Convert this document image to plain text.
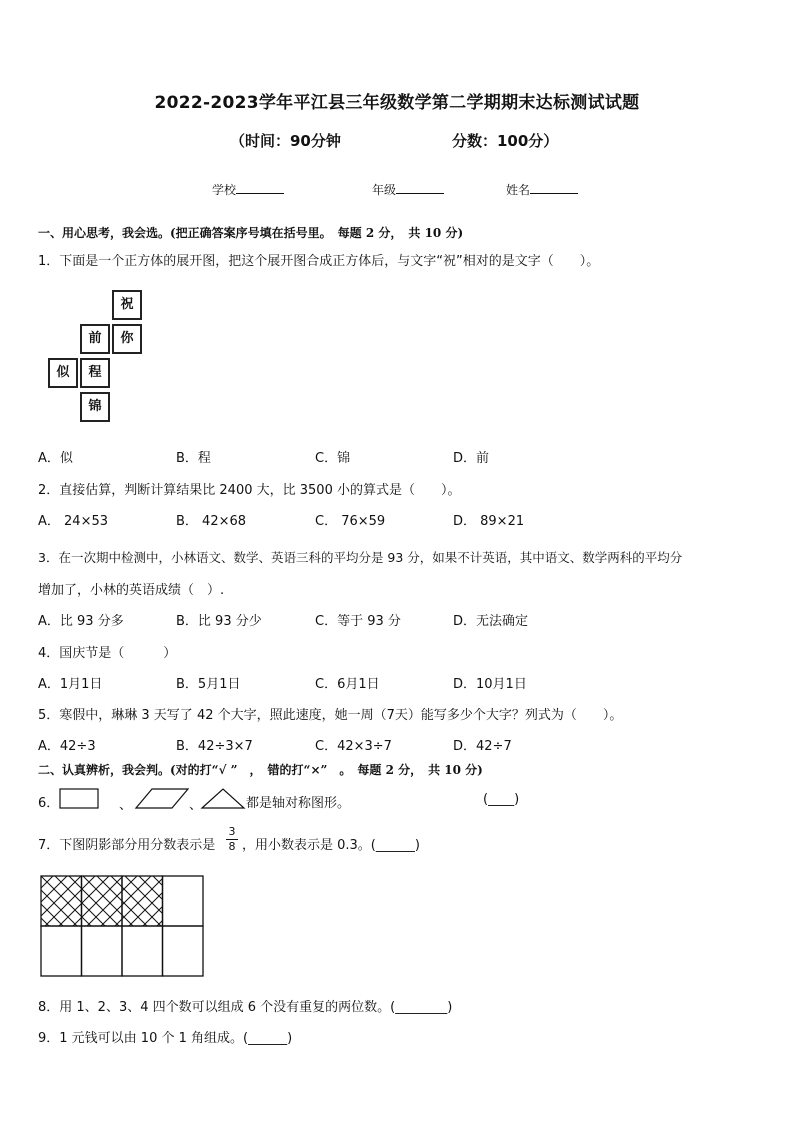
2022-2023学年平江县三年级数学第二学期期末达标测试试题
（时间：90分钟	分数：100分）
学校	年级	姓名
一、用心思考，我会选。(把正确答案序号填在括号里。　每题 2 分，　共 10 分)
1．下面是一个正方体的展开图，把这个展开图合成正方体后，与文字“祝”相对的是文字（　　）。
祝
你
前
似	程
锦
A．似	B．程	C．锦	D．前
2．直接估算，判断计算结果比 2400 大，比 3500 小的算式是（　　）。
A． 24×53	B． 42×68	C． 76×59	D． 89×21
3．在一次期中检测中，小林语文、数学、英语三科的平均分是 93 分，如果不计英语，其中语文、数学两科的平均分
增加了，小林的英语成绩（　）.
A．比 93 分多	B．比 93 分少	C．等于 93 分	D．无法确定
4．国庆节是（　　　）
A．1月1日	B．5月1日	C．6月1日	D．10月1日
5．寒假中，琳琳 3 天写了 42 个大字，照此速度，她一周（7天）能写多少个大字？列式为（　　）。
A．42÷3	B．42÷3×7	C．42×3÷7	D．42÷7
二、认真辨析，我会判。(对的打“√ ”　，　错的打“×”　。　每题 2 分，　共 10 分)
6．	、	、	都是轴对称图形。	(____)
7．下图阴影部分用分数表示是
3
8 ，用小数表示是 0.3。(______)
8．用 1、2、3、4 四个数可以组成 6 个没有重复的两位数。(________)
9．1 元钱可以由 10 个 1 角组成。(______)
